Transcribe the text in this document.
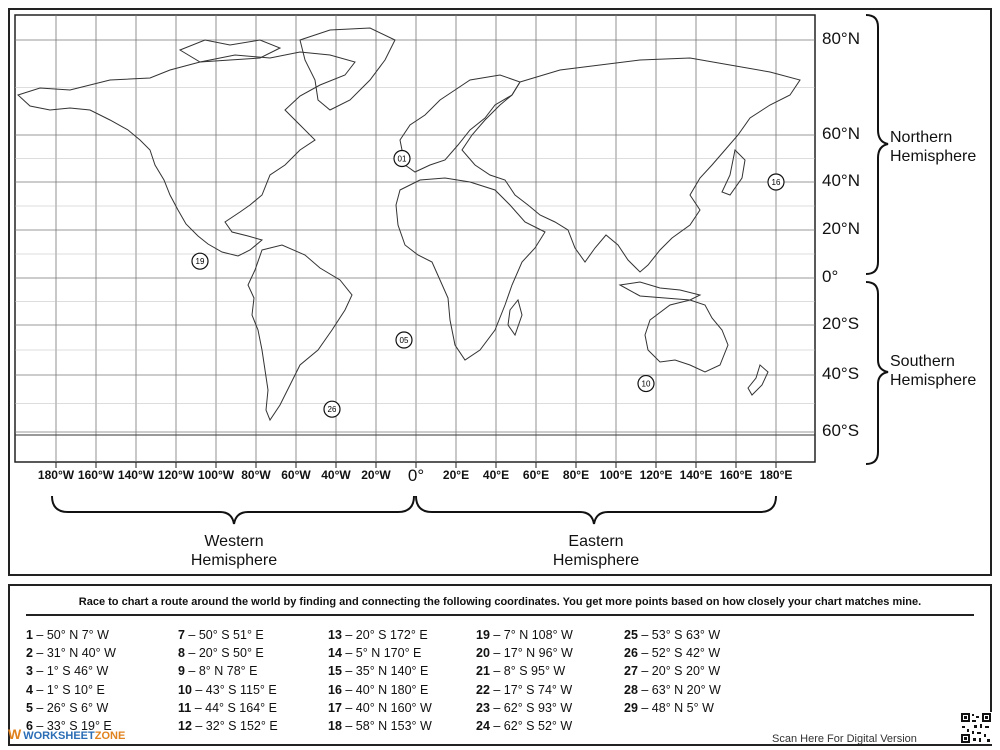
01
16
19
05
10
26
80°N
60°N
40°N
20°N
0°
20°S
40°S
60°S
180°W 160°W 140°W 120°W 100°W 80°W 60°W 40°W 20°W 0° 20°E 40°E 60°E 80°E 100°E 120°E 140°E 160°E 180°E
Northern
Hemisphere
Southern
Hemisphere
Western
Hemisphere
Eastern
Hemisphere
Race to chart a route around the world by finding and connecting the following coordinates. You get more points based on how closely your chart matches mine.
1 – 50° N 7° W
2 – 31° N 40° W
3 – 1° S 46° W
4 – 1° S 10° E
5 – 26° S 6° W
6 – 33° S 19° E
7 – 50° S 51° E
8 – 20° S 50° E
9 – 8° N 78° E
10 – 43° S 115° E
11 – 44° S 164° E
12 – 32° S 152° E
13 – 20° S 172° E
14 – 5° N 170° E
15 – 35° N 140° E
16 – 40° N 180° E
17 – 40° N 160° W
18 – 58° N 153° W
19 – 7° N 108° W
20 – 17° N 96° W
21 – 8° S 95° W
22 – 17° S 74° W
23 – 62° S 93° W
24 – 62° S 52° W
25 – 53° S 63° W
26 – 52° S 42° W
27 – 20° S 20° W
28 – 63° N 20° W
29 – 48° N 5° W
W WORKSHEETZONE	Scan Here For Digital Version
